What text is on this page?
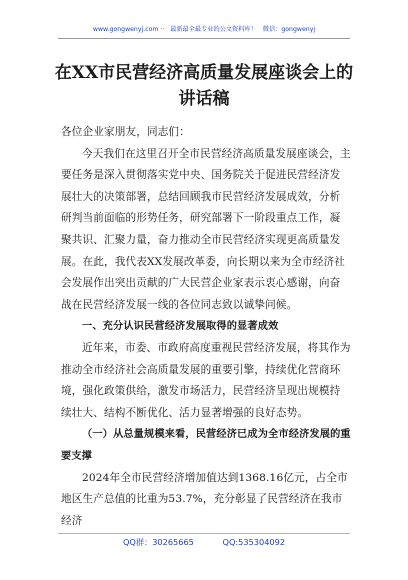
www.gongwenyj.com ·· 最新最全最专业的公文资料库！ 微信：gongwenyj
在XX市民营经济高质量发展座谈会上的
讲话稿

各位企业家朋友，同志们：

今天我们在这里召开全市民营经济高质量发展座谈会，主要任务是深入贯彻落实党中央、国务院关于促进民营经济发展壮大的决策部署，总结回顾我市民营经济发展成效，分析研判当前面临的形势任务，研究部署下一阶段重点工作，凝聚共识、汇聚力量，奋力推动全市民营经济实现更高质量发展。在此，我代表XX发展改革委，向长期以来为全市经济社会发展作出突出贡献的广大民营企业家表示衷心感谢，向奋战在民营经济发展一线的各位同志致以诚挚问候。

一、充分认识民营经济发展取得的显著成效

近年来，市委、市政府高度重视民营经济发展，将其作为推动全市经济社会高质量发展的重要引擎，持续优化营商环境，强化政策供给，激发市场活力，民营经济呈现出规模持续壮大、结构不断优化、活力显著增强的良好态势。

（一）从总量规模来看，民营经济已成为全市经济发展的重要支撑

2024年全市民营经济增加值达到1368.16亿元，占全市地区生产总值的比重为53.7%，充分彰显了民营经济在我市经济

QQ群：30265665	QQ:535304092
